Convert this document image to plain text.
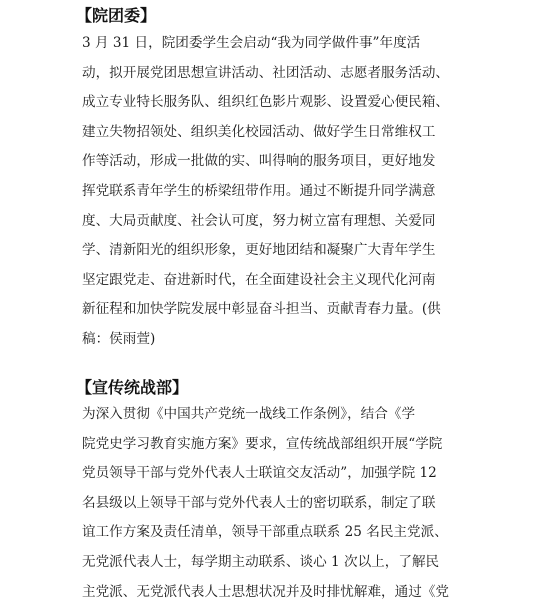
【院团委】
3 月 31 日，院团委学生会启动“我为同学做件事”年度活
动，拟开展党团思想宣讲活动、社团活动、志愿者服务活动、
成立专业特长服务队、组织红色影片观影、设置爱心便民箱、
建立失物招领处、组织美化校园活动、做好学生日常维权工
作等活动，形成一批做的实、叫得响的服务项目，更好地发
挥党联系青年学生的桥梁纽带作用。通过不断提升同学满意
度、大局贡献度、社会认可度，努力树立富有理想、关爱同
学、清新阳光的组织形象，更好地团结和凝聚广大青年学生
坚定跟党走、奋进新时代，在全面建设社会主义现代化河南
新征程和加快学院发展中彰显奋斗担当、贡献青春力量。(供
稿：侯雨萱)
【宣传统战部】
为深入贯彻《中国共产党统一战线工作条例》，结合《学
院党史学习教育实施方案》要求，宣传统战部组织开展“学院
党员领导干部与党外代表人士联谊交友活动”，加强学院 12
名县级以上领导干部与党外代表人士的密切联系，制定了联
谊工作方案及责任清单，领导干部重点联系 25 名民主党派、
无党派代表人士，每学期主动联系、谈心 1 次以上，了解民
主党派、无党派代表人士思想状况并及时排忧解难，通过《党
